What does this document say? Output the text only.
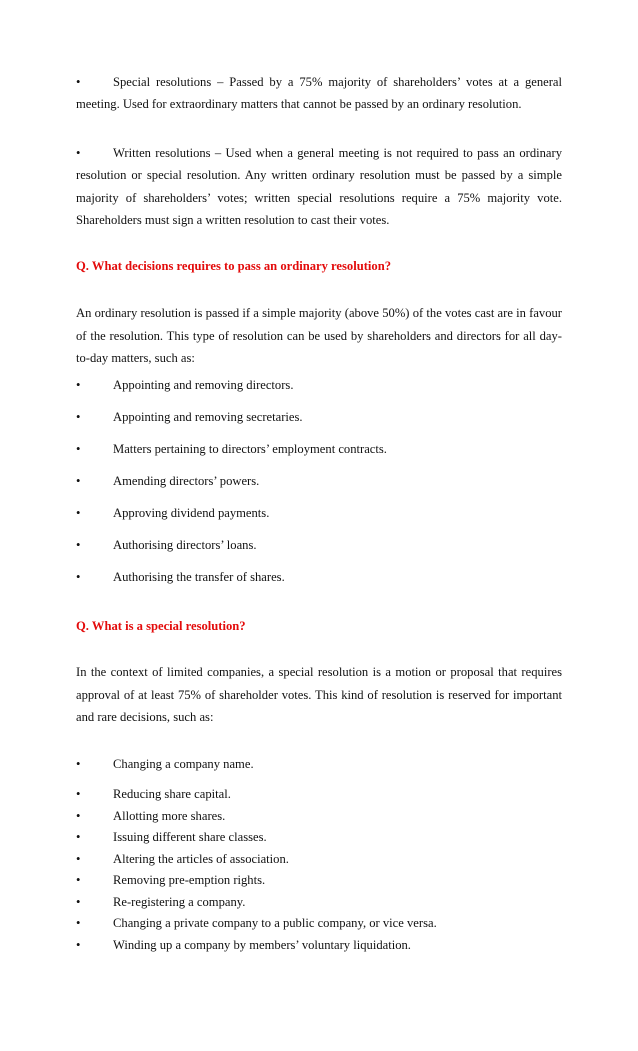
•	Special resolutions – Passed by a 75% majority of shareholders’ votes at a general

meeting. Used for extraordinary matters that cannot be passed by an ordinary resolution.

•	Written resolutions – Used when a general meeting is not required to pass an ordinary

resolution or special resolution. Any written ordinary resolution must be passed by a simple majority of shareholders’ votes; written special resolutions require a 75% majority vote. Shareholders must sign a written resolution to cast their votes.

Q. What decisions requires to pass an ordinary resolution?

An ordinary resolution is passed if a simple majority (above 50%) of the votes cast are in favour of the resolution. This type of resolution can be used by shareholders and directors for all day-to-day matters, such as:

•	Appointing and removing directors.
•	Appointing and removing secretaries.
•	Matters pertaining to directors’ employment contracts.
•	Amending directors’ powers.
•	Approving dividend payments.
•	Authorising directors’ loans.
•	Authorising the transfer of shares.

Q. What is a special resolution?

In the context of limited companies, a special resolution is a motion or proposal that requires approval of at least 75% of shareholder votes. This kind of resolution is reserved for important and rare decisions, such as:

•	Changing a company name.
•	Reducing share capital.
•	Allotting more shares.
•	Issuing different share classes.
•	Altering the articles of association.
•	Removing pre-emption rights.
•	Re-registering a company.
•	Changing a private company to a public company, or vice versa.
•	Winding up a company by members’ voluntary liquidation.
